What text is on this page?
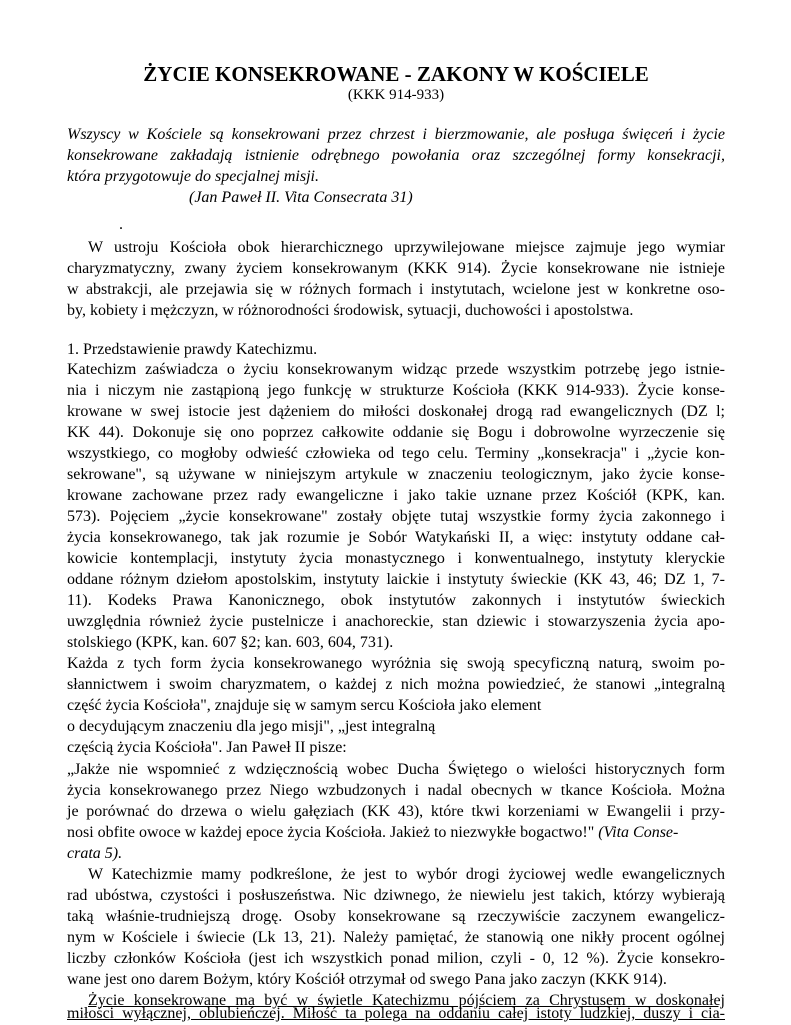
ŻYCIE KONSEKROWANE - ZAKONY W KOŚCIELE
(KKK 914-933)
Wszyscy w Kościele są konsekrowani przez chrzest i bierzmowanie, ale posługa święceń i życie
konsekrowane zakładają istnienie odrębnego powołania oraz szczególnej formy konsekracji,
która przygotowuje do specjalnej misji.
(Jan Paweł II. Vita Consecrata 31)
.
W ustroju Kościoła obok hierarchicznego uprzywilejowane miejsce zajmuje jego wymiar
charyzmatyczny, zwany życiem konsekrowanym (KKK 914). Życie konsekrowane nie istnieje
w abstrakcji, ale przejawia się w różnych formach i instytutach, wcielone jest w konkretne oso-
by, kobiety i mężczyzn, w różnorodności środowisk, sytuacji, duchowości i apostolstwa.
1. Przedstawienie prawdy Katechizmu.
Katechizm zaświadcza o życiu konsekrowanym widząc przede wszystkim potrzebę jego istnie-
nia i niczym nie zastąpioną jego funkcję w strukturze Kościoła (KKK 914-933). Życie konse-
krowane w swej istocie jest dążeniem do miłości doskonałej drogą rad ewangelicznych (DZ l;
KK 44). Dokonuje się ono poprzez całkowite oddanie się Bogu i dobrowolne wyrzeczenie się
wszystkiego, co mogłoby odwieść człowieka od tego celu. Terminy „konsekracja" i „życie kon-
sekrowane", są używane w niniejszym artykule w znaczeniu teologicznym, jako życie konse-
krowane zachowane przez rady ewangeliczne i jako takie uznane przez Kościół (KPK, kan.
573). Pojęciem „życie konsekrowane" zostały objęte tutaj wszystkie formy życia zakonnego i
życia konsekrowanego, tak jak rozumie je Sobór Watykański II, a więc: instytuty oddane cał-
kowicie kontemplacji, instytuty życia monastycznego i konwentualnego, instytuty kleryckie
oddane różnym dziełom apostolskim, instytuty laickie i instytuty świeckie (KK 43, 46; DZ 1, 7-
11). Kodeks Prawa Kanonicznego, obok instytutów zakonnych i instytutów świeckich
uwzględnia również życie pustelnicze i anachoreckie, stan dziewic i stowarzyszenia życia apo-
stolskiego (KPK, kan. 607 §2; kan. 603, 604, 731).
Każda z tych form życia konsekrowanego wyróżnia się swoją specyficzną naturą, swoim po-
słannictwem i swoim charyzmatem, o każdej z nich można powiedzieć, że stanowi „integralną
część życia Kościoła", znajduje się w samym sercu Kościoła jako element
o decydującym znaczeniu dla jego misji", „jest integralną
częścią życia Kościoła". Jan Paweł II pisze:
„Jakże nie wspomnieć z wdzięcznością wobec Ducha Świętego o wielości historycznych form
życia konsekrowanego przez Niego wzbudzonych i nadal obecnych w tkance Kościoła. Można
je porównać do drzewa o wielu gałęziach (KK 43), które tkwi korzeniami w Ewangelii i przy-
nosi obfite owoce w każdej epoce życia Kościoła. Jakież to niezwykłe bogactwo!" (Vita Conse-
crata 5).
W Katechizmie mamy podkreślone, że jest to wybór drogi życiowej wedle ewangelicznych
rad ubóstwa, czystości i posłuszeństwa. Nic dziwnego, że niewielu jest takich, którzy wybierają
taką właśnie-trudniejszą drogę. Osoby konsekrowane są rzeczywiście zaczynem ewangelicz-
nym w Kościele i świecie (Lk 13, 21). Należy pamiętać, że stanowią one nikły procent ogólnej
liczby członków Kościoła (jest ich wszystkich ponad milion, czyli - 0, 12 %). Życie konsekro-
wane jest ono darem Bożym, który Kościół otrzymał od swego Pana jako zaczyn (KKK 914).
Życie konsekrowane ma być w świetle Katechizmu pójściem za Chrystusem w doskonałej
miłości wyłącznej, oblubieńczej. Miłość ta polega na oddaniu całej istoty ludzkiej, duszy i cia-
